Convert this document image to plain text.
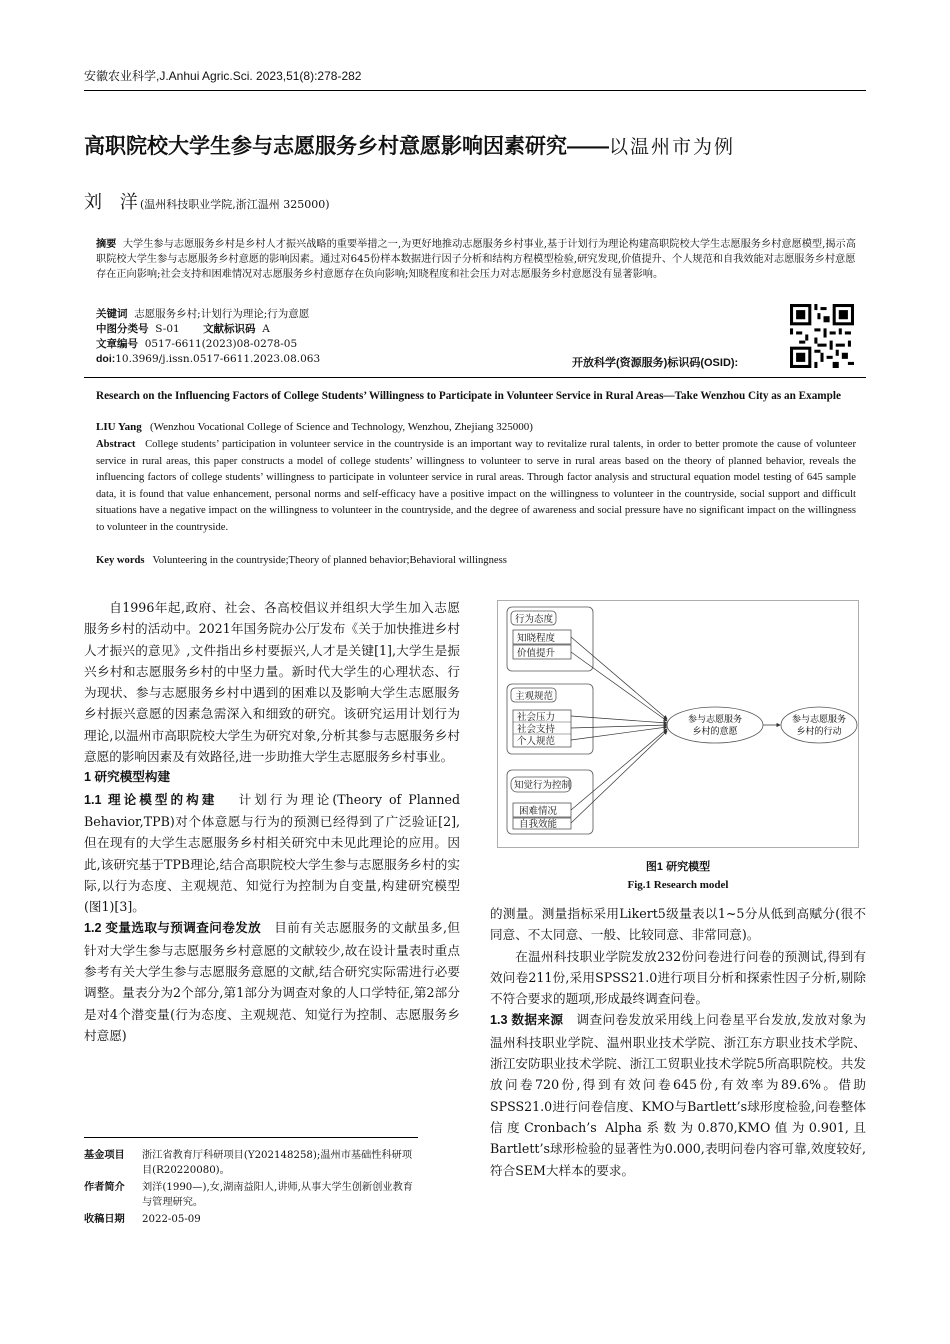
安徽农业科学,J.Anhui Agric.Sci. 2023,51(8):278-282
高职院校大学生参与志愿服务乡村意愿影响因素研究——以温州市为例
刘 洋
(温州科技职业学院,浙江温州 325000)
摘要 大学生参与志愿服务乡村是乡村人才振兴战略的重要举措之一,为更好地推动志愿服务乡村事业,基于计划行为理论构建高职院校大学生志愿服务乡村意愿模型,揭示高职院校大学生参与志愿服务乡村意愿的影响因素。通过对645份样本数据进行因子分析和结构方程模型检验,研究发现,价值提升、个人规范和自我效能对志愿服务乡村意愿存在正向影响;社会支持和困难情况对志愿服务乡村意愿存在负向影响;知晓程度和社会压力对志愿服务乡村意愿没有显著影响。
关键词 志愿服务乡村;计划行为理论;行为意愿
中图分类号 S-01 文献标识码 A
文章编号 0517-6611(2023)08-0278-05
doi:10.3969/j.issn.0517-6611.2023.08.063	开放科学(资源服务)标识码(OSID):
Research on the Influencing Factors of College Students’ Willingness to Participate in Volunteer Service in Rural Areas—Take Wenzhou City as an Example
LIU Yang (Wenzhou Vocational College of Science and Technology, Wenzhou, Zhejiang 325000)
Abstract College students’ participation in volunteer service in the countryside is an important way to revitalize rural talents, in order to better promote the cause of volunteer service in rural areas, this paper constructs a model of college students’ willingness to volunteer to serve in rural areas based on the theory of planned behavior, reveals the influencing factors of college students’ willingness to participate in volunteer service in rural areas. Through factor analysis and structural equation model testing of 645 sample data, it is found that value enhancement, personal norms and self-efficacy have a positive impact on the willingness to volunteer in the countryside, social support and difficult situations have a negative impact on the willingness to volunteer in the countryside, and the degree of awareness and social pressure have no significant impact on the willingness to volunteer in the countryside.
Key words Volunteering in the countryside;Theory of planned behavior;Behavioral willingness

自1996年起,政府、社会、各高校倡议并组织大学生加入志愿服务乡村的活动中。2021年国务院办公厅发布《关于加快推进乡村人才振兴的意见》,文件指出乡村要振兴,人才是关键[1],大学生是振兴乡村和志愿服务乡村的中坚力量。新时代大学生的心理状态、行为现状、参与志愿服务乡村中遇到的困难以及影响大学生志愿服务乡村振兴意愿的因素急需深入和细致的研究。该研究运用计划行为理论,以温州市高职院校大学生为研究对象,分析其参与志愿服务乡村意愿的影响因素及有效路径,进一步助推大学生志愿服务乡村事业。

1 研究模型构建

1.1 理论模型的构建 计划行为理论(Theory of Planned Behavior,TPB)对个体意愿与行为的预测已经得到了广泛验证[2],但在现有的大学生志愿服务乡村相关研究中未见此理论的应用。因此,该研究基于TPB理论,结合高职院校大学生参与志愿服务乡村的实际,以行为态度、主观规范、知觉行为控制为自变量,构建研究模型(图1)[3]。

1.2 变量选取与预调查问卷发放 目前有关志愿服务的文献虽多,但针对大学生参与志愿服务乡村意愿的文献较少,故在设计量表时重点参考有关大学生参与志愿服务意愿的文献,结合研究实际需进行必要调整。量表分为2个部分,第1部分为调查对象的人口学特征,第2部分是对4个潜变量(行为态度、主观规范、知觉行为控制、志愿服务乡村意愿)

行为态度
知晓程度
价值提升
主观规范
社会压力
社会支持
个人规范
知觉行为控制
困难情况
自我效能
参与志愿服务
乡村的意愿
参与志愿服务
乡村的行动
图1 研究模型
Fig.1 Research model

的测量。测量指标采用Likert5级量表以1~5分从低到高赋分(很不同意、不太同意、一般、比较同意、非常同意)。

在温州科技职业学院发放232份问卷进行问卷的预测试,得到有效问卷211份,采用SPSS21.0进行项目分析和探索性因子分析,剔除不符合要求的题项,形成最终调查问卷。

1.3 数据来源 调查问卷发放采用线上问卷星平台发放,发放对象为温州科技职业学院、温州职业技术学院、浙江东方职业技术学院、浙江安防职业技术学院、浙江工贸职业技术学院5所高职院校。共发放问卷720份,得到有效问卷645份,有效率为89.6%。借助SPSS21.0进行问卷信度、KMO与Bartlett’s球形度检验,问卷整体信度Cronbach’s Alpha系数为0.870,KMO值为0.901,且Bartlett’s球形检验的显著性为0.000,表明问卷内容可靠,效度较好,符合SEM大样本的要求。

基金项目 浙江省教育厅科研项目(Y202148258);温州市基础性科研项目(R20220080)。
作者简介 刘洋(1990—),女,湖南益阳人,讲师,从事大学生创新创业教育与管理研究。
收稿日期 2022-05-09
